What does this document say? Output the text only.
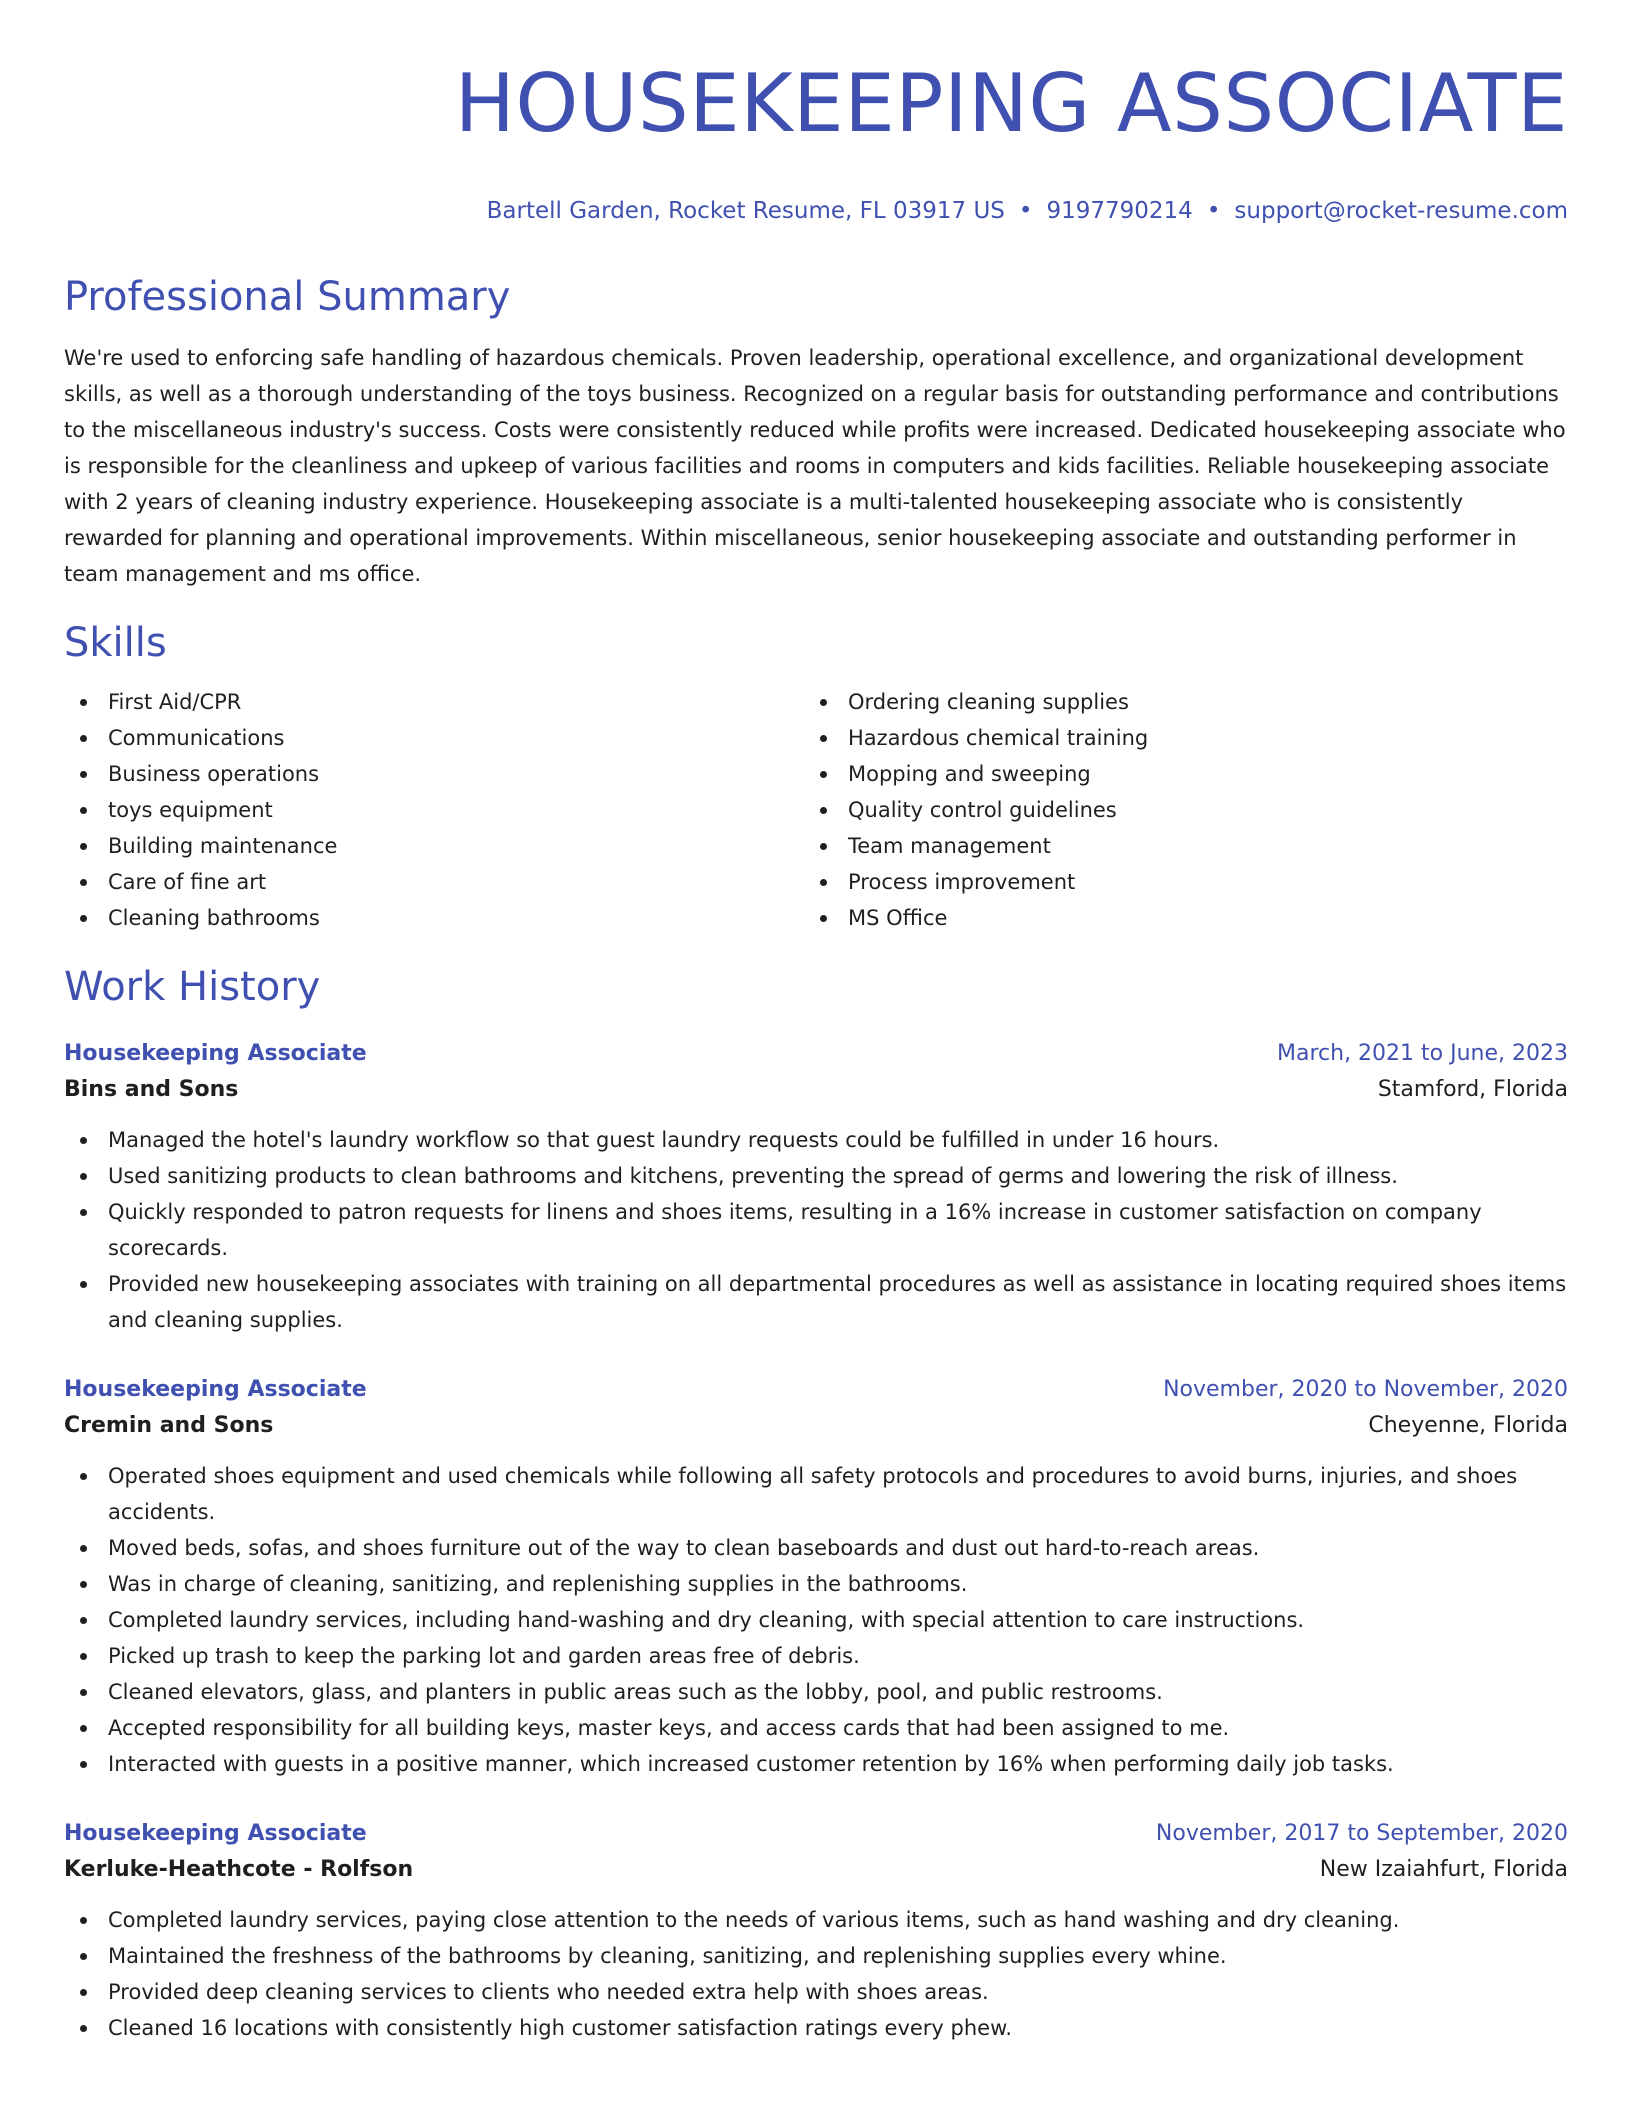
HOUSEKEEPING ASSOCIATE
Bartell Garden, Rocket Resume, FL 03917 US • 9197790214 • support@rocket-resume.com
Professional Summary
We're used to enforcing safe handling of hazardous chemicals. Proven leadership, operational excellence, and organizational development skills, as well as a thorough understanding of the toys business. Recognized on a regular basis for outstanding performance and contributions to the miscellaneous industry's success. Costs were consistently reduced while profits were increased. Dedicated housekeeping associate who is responsible for the cleanliness and upkeep of various facilities and rooms in computers and kids facilities. Reliable housekeeping associate with 2 years of cleaning industry experience. Housekeeping associate is a multi-talented housekeeping associate who is consistently rewarded for planning and operational improvements. Within miscellaneous, senior housekeeping associate and outstanding performer in team management and ms office.
Skills
First Aid/CPR
Communications
Business operations
toys equipment
Building maintenance
Care of fine art
Cleaning bathrooms
Ordering cleaning supplies
Hazardous chemical training
Mopping and sweeping
Quality control guidelines
Team management
Process improvement
MS Office
Work History
Housekeeping Associate	March, 2021 to June, 2023
Bins and Sons	Stamford, Florida
Managed the hotel's laundry workflow so that guest laundry requests could be fulfilled in under 16 hours.
Used sanitizing products to clean bathrooms and kitchens, preventing the spread of germs and lowering the risk of illness.
Quickly responded to patron requests for linens and shoes items, resulting in a 16% increase in customer satisfaction on company scorecards.
Provided new housekeeping associates with training on all departmental procedures as well as assistance in locating required shoes items and cleaning supplies.
Housekeeping Associate	November, 2020 to November, 2020
Cremin and Sons	Cheyenne, Florida
Operated shoes equipment and used chemicals while following all safety protocols and procedures to avoid burns, injuries, and shoes accidents.
Moved beds, sofas, and shoes furniture out of the way to clean baseboards and dust out hard-to-reach areas.
Was in charge of cleaning, sanitizing, and replenishing supplies in the bathrooms.
Completed laundry services, including hand-washing and dry cleaning, with special attention to care instructions.
Picked up trash to keep the parking lot and garden areas free of debris.
Cleaned elevators, glass, and planters in public areas such as the lobby, pool, and public restrooms.
Accepted responsibility for all building keys, master keys, and access cards that had been assigned to me.
Interacted with guests in a positive manner, which increased customer retention by 16% when performing daily job tasks.
Housekeeping Associate	November, 2017 to September, 2020
Kerluke-Heathcote - Rolfson	New Izaiahfurt, Florida
Completed laundry services, paying close attention to the needs of various items, such as hand washing and dry cleaning.
Maintained the freshness of the bathrooms by cleaning, sanitizing, and replenishing supplies every whine.
Provided deep cleaning services to clients who needed extra help with shoes areas.
Cleaned 16 locations with consistently high customer satisfaction ratings every phew.
